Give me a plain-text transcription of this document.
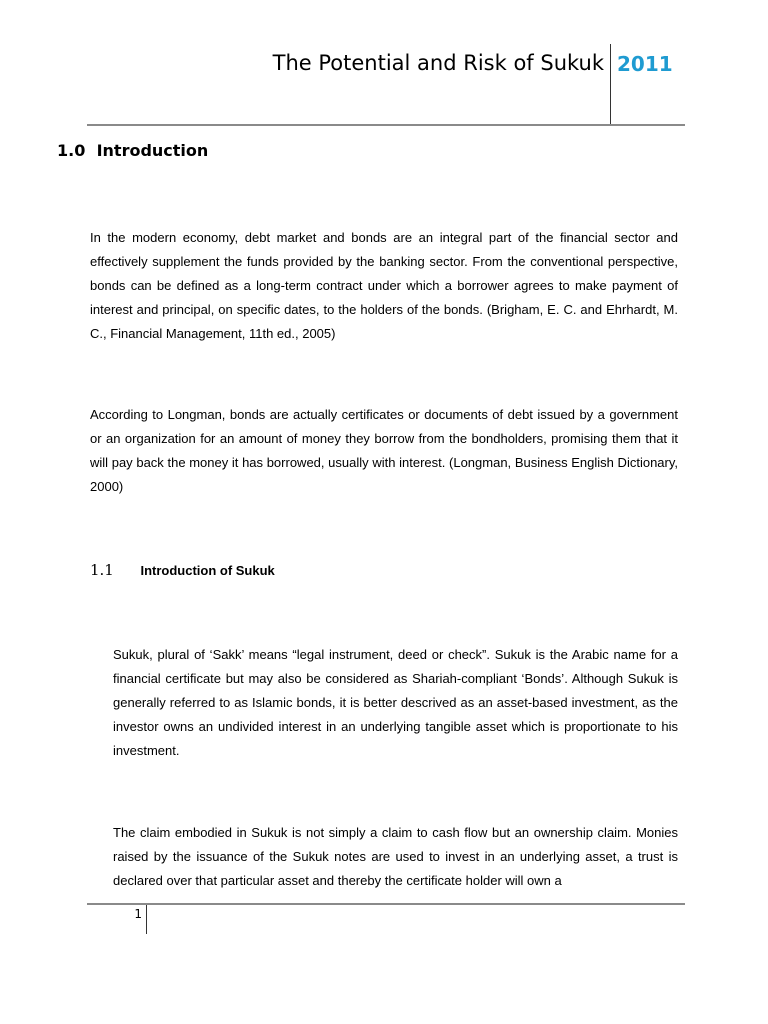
The Potential and Risk of Sukuk 2011
1.0 Introduction
In the modern economy, debt market and bonds are an integral part of the financial sector and effectively supplement the funds provided by the banking sector. From the conventional perspective, bonds can be defined as a long-term contract under which a borrower agrees to make payment of interest and principal, on specific dates, to the holders of the bonds. (Brigham, E. C. and Ehrhardt, M. C., Financial Management, 11th ed., 2005)
According to Longman, bonds are actually certificates or documents of debt issued by a government or an organization for an amount of money they borrow from the bondholders, promising them that it will pay back the money it has borrowed, usually with interest. (Longman, Business English Dictionary, 2000)
1.1 Introduction of Sukuk
Sukuk, plural of ‘Sakk’ means “legal instrument, deed or check”. Sukuk is the Arabic name for a financial certificate but may also be considered as Shariah-compliant ‘Bonds’. Although Sukuk is generally referred to as Islamic bonds, it is better descrived as an asset-based investment, as the investor owns an undivided interest in an underlying tangible asset which is proportionate to his investment.
The claim embodied in Sukuk is not simply a claim to cash flow but an ownership claim. Monies raised by the issuance of the Sukuk notes are used to invest in an underlying asset, a trust is declared over that particular asset and thereby the certificate holder will own a
1
